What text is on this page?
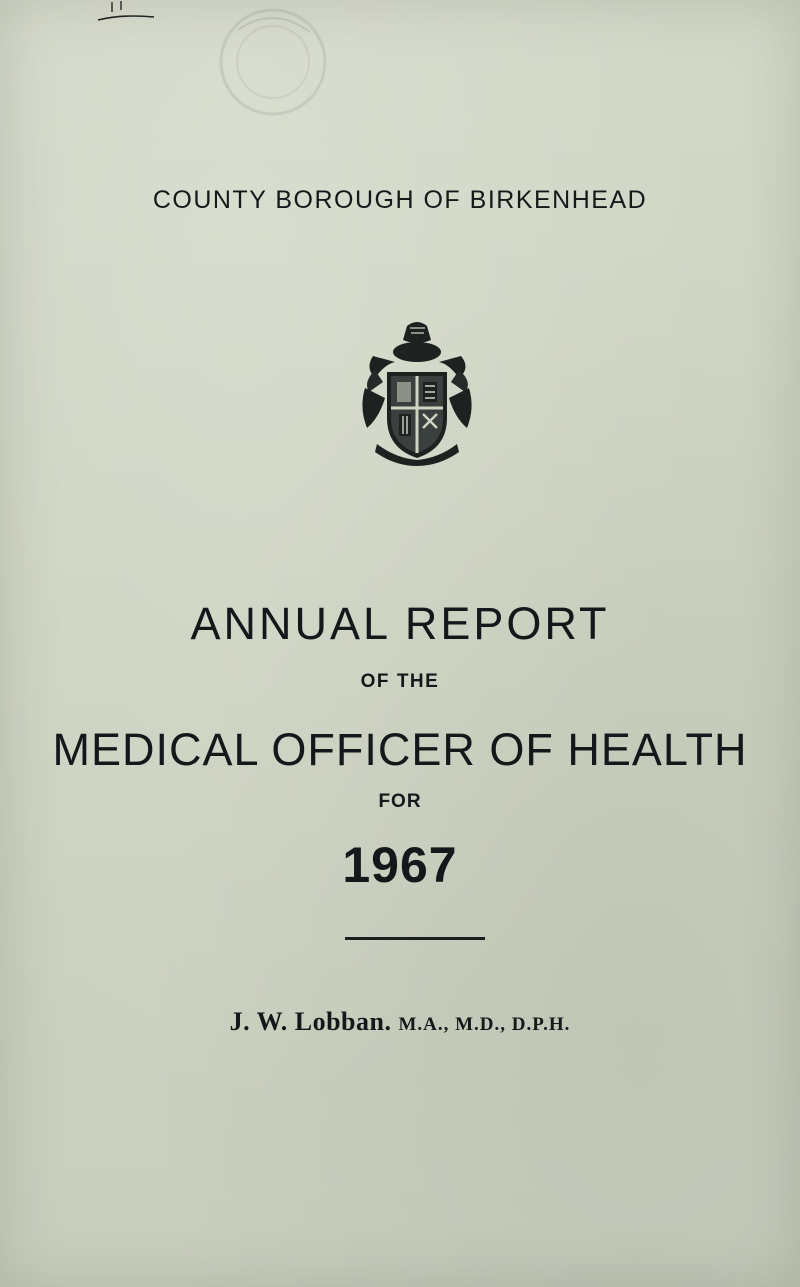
COUNTY BOROUGH OF BIRKENHEAD
ANNUAL REPORT
OF THE
MEDICAL OFFICER OF HEALTH
FOR
1967
J. W. Lobban. M.A., M.D., D.P.H.
